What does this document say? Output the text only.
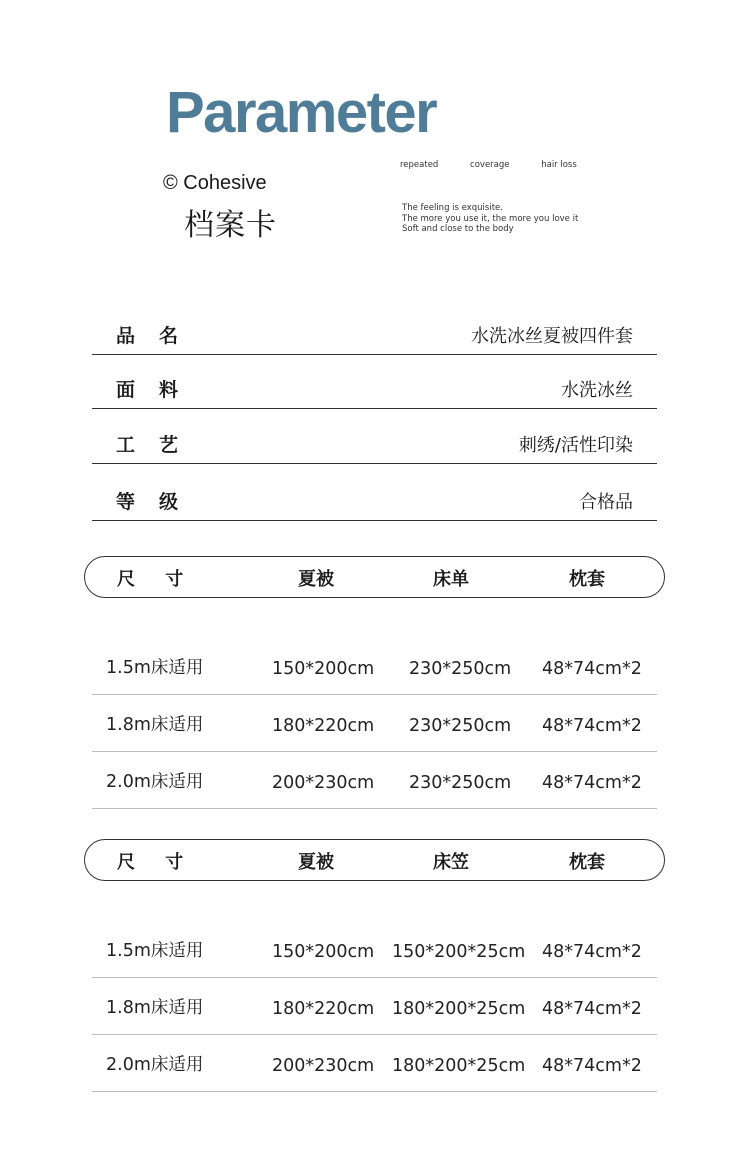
Parameter
© Cohesive
档案卡
repeated	coverage	hair loss
The feeling is exquisite.
The more you use it, the more you love it
Soft and close to the body
品名	水洗冰丝夏被四件套
面料	水洗冰丝
工艺	刺绣/活性印染
等级	合格品
尺 寸	夏被	床单	枕套
1.5m床适用	150*200cm 230*250cm 48*74cm*2
1.8m床适用	180*220cm 230*250cm 48*74cm*2
2.0m床适用	200*230cm 230*250cm 48*74cm*2
尺 寸	夏被	床笠	枕套
1.5m床适用	150*200cm 150*200*25cm 48*74cm*2
1.8m床适用	180*220cm 180*200*25cm 48*74cm*2
2.0m床适用	200*230cm 180*200*25cm 48*74cm*2
